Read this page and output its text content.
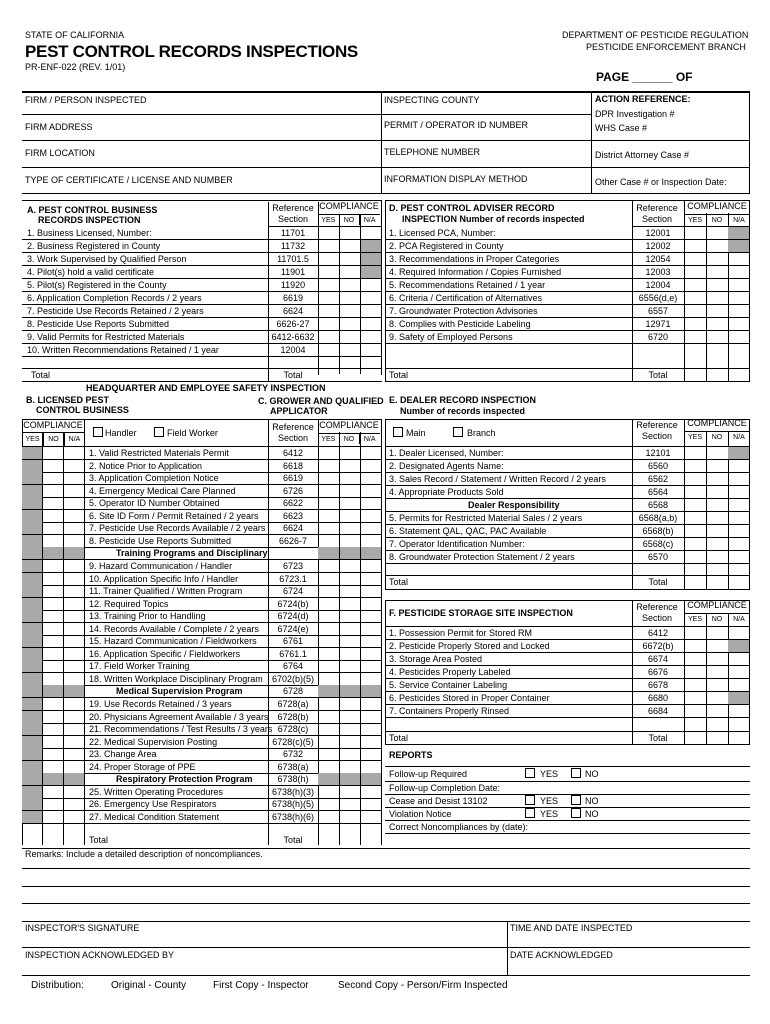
STATE OF CALIFORNIA
PEST CONTROL RECORDS INSPECTIONS
PR-ENF-022 (REV. 1/01)
DEPARTMENT OF PESTICIDE REGULATION
PESTICIDE ENFORCEMENT BRANCH
PAGE ______ OF
FIRM / PERSON INSPECTED	INSPECTING COUNTY	ACTION REFERENCE:
DPR Investigation #
FIRM ADDRESS	PERMIT / OPERATOR ID NUMBER	WHS Case #
FIRM LOCATION	TELEPHONE NUMBER	District Attorney Case #
TYPE OF CERTIFICATE / LICENSE AND NUMBER	INFORMATION DISPLAY METHOD	Other Case # or Inspection Date:
A. PEST CONTROL BUSINESS
RECORDS INSPECTION
Reference
Section
COMPLIANCE
YES	NO	N/A
1. Business Licensed, Number:	11701
2. Business Registered in County	11732
3. Work Supervised by Qualified Person	11701.5
4. Pilot(s) hold a valid certificate	11901
5. Pilot(s) Registered in the County	11920
6. Application Completion Records / 2 years	6619
7. Pesticide Use Records Retained / 2 years	6624
8. Pesticide Use Reports Submitted	6626-27
9. Valid Permits for Restricted Materials	6412-6632
10. Written Recommendations Retained / 1 year	12004
Total	Total
D. PEST CONTROL ADVISER RECORD
INSPECTION Number of records inspected
Reference
Section
COMPLIANCE
YES	NO	N/A
1. Licensed PCA, Number:	12001
2. PCA Registered in County	12002
3. Recommendations in Proper Categories	12054
4. Required Information / Copies Furnished	12003
5. Recommendations Retained / 1 year	12004
6. Criteria / Certification of Alternatives	6556(d,e)
7. Groundwater Protection Advisories	6557
8. Complies with Pesticide Labeling	12971
9. Safety of Employed Persons	6720
Total	Total
HEADQUARTER AND EMPLOYEE SAFETY INSPECTION
B. LICENSED PEST
CONTROL BUSINESS
C. GROWER AND QUALIFIED
APPLICATOR
COMPLIANCE
YES	NO	N/A
Handler	Field Worker
Reference
Section
COMPLIANCE
YES	NO	N/A
1. Valid Restricted Materials Permit	6412
2. Notice Prior to Application	6618
3. Application Completion Notice	6619
4. Emergency Medical Care Planned	6726
5. Operator ID Number Obtained	6622
6. Site ID Form / Permit Retained / 2 years	6623
7. Pesticide Use Records Available / 2 years	6624
8. Pesticide Use Reports Submitted	6626-7
Training Programs and Disciplinary
9. Hazard Communication / Handler	6723
10. Application Specific Info / Handler	6723.1
11. Trainer Qualified / Written Program	6724
12. Required Topics	6724(b)
13. Training Prior to Handling	6724(d)
14. Records Available / Complete / 2 years	6724(e)
15. Hazard Communication / Fieldworkers	6761
16. Application Specific / Fieldworkers	6761.1
17. Field Worker Training	6764
18. Written Workplace Disciplinary Program	6702(b)(5)
Medical Supervision Program	6728
19. Use Records Retained / 3 years	6728(a)
20. Physicians Agreement Available / 3 years	6728(b)
21. Recommendations / Test Results / 3 years 6728(c)
22. Medical Supervision Posting	6728(c)(5)
23. Change Area	6732
24. Proper Storage of PPE	6738(a)
Respiratory Protection Program	6738(h)
25. Written Operating Procedures	6738(h)(3)
26. Emergency Use Respirators	6738(h)(5)
27. Medical Condition Statement	6738(h)(6)
Total	Total
E. DEALER RECORD INSPECTION
Number of records inspected
Main	Branch
Reference
Section
COMPLIANCE
YES	NO	N/A
1. Dealer Licensed, Number:	12101
2. Designated Agents Name:	6560
3. Sales Record / Statement / Written Record / 2 years	6562
4. Appropriate Products Sold	6564
Dealer Responsibility	6568
5. Permits for Restricted Material Sales / 2 years	6568(a,b)
6. Statement QAL, QAC, PAC Available	6568(b)
7. Operator Identification Number:	6568(c)
8. Groundwater Protection Statement / 2 years	6570
Total	Total
F. PESTICIDE STORAGE SITE INSPECTION
Reference
Section
COMPLIANCE
YES	NO	N/A
1. Possession Permit for Stored RM	6412
2. Pesticide Properly Stored and Locked	6672(b)
3. Storage Area Posted	6674
4. Pesticides Properly Labeled	6676
5. Service Container Labeling	6678
6. Pesticides Stored in Proper Container	6680
7. Containers Properly Rinsed	6684
Total	Total
REPORTS
Follow-up Required	YES	NO
Follow-up Completion Date:
Cease and Desist 13102	YES	NO
Violation Notice	YES	NO
Correct Noncompliances by (date):
Remarks: Include a detailed description of noncompliances.
INSPECTOR'S SIGNATURE	TIME AND DATE INSPECTED
INSPECTION ACKNOWLEDGED BY	DATE ACKNOWLEDGED
Distribution:	Original - County	First Copy - Inspector	Second Copy - Person/Firm Inspected
